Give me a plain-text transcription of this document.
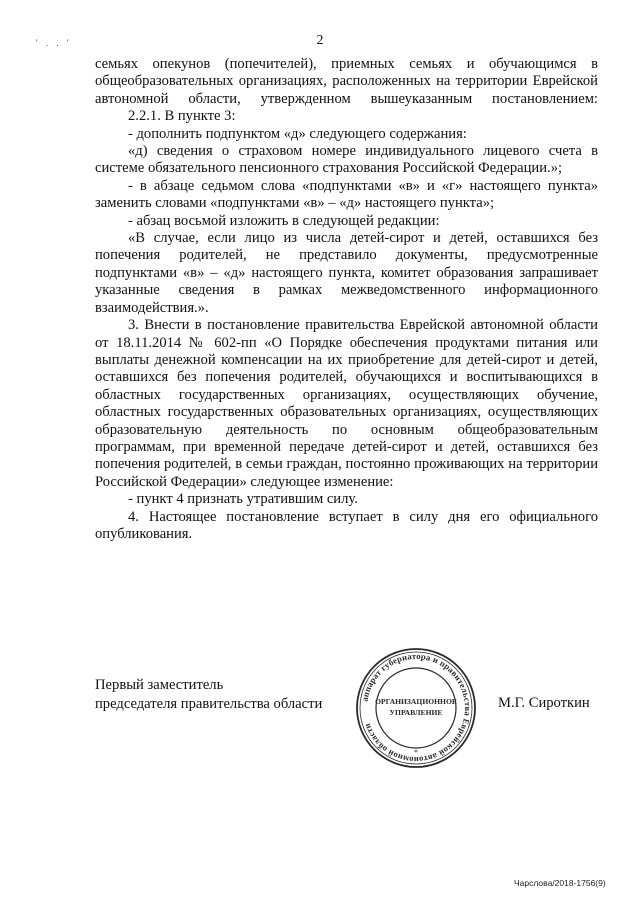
2
' . . '

семьях опекунов (попечителей), приемных семьях и обучающимся в общеобразовательных организациях, расположенных на территории Еврейской автономной области, утвержденном вышеуказанным постановлением:

2.2.1. В пункте 3:

- дополнить подпунктом «д» следующего содержания:

«д) сведения о страховом номере индивидуального лицевого счета в системе обязательного пенсионного страхования Российской Федерации.»;

- в абзаце седьмом слова «подпунктами «в» и «г» настоящего пункта» заменить словами «подпунктами «в» – «д» настоящего пункта»;

- абзац восьмой изложить в следующей редакции:

«В случае, если лицо из числа детей-сирот и детей, оставшихся без попечения родителей, не представило документы, предусмотренные подпунктами «в» – «д» настоящего пункта, комитет образования запрашивает указанные сведения в рамках межведомственного информационного взаимодействия.».

3. Внести в постановление правительства Еврейской автономной области от 18.11.2014 № 602-пп «О Порядке обеспечения продуктами питания или выплаты денежной компенсации на их приобретение для детей-сирот и детей, оставшихся без попечения родителей, обучающихся и воспитывающихся в областных государственных организациях, осуществляющих обучение, областных государственных образовательных организациях, осуществляющих образовательную деятельность по основным общеобразовательным программам, при временной передаче детей-сирот и детей, оставшихся без попечения родителей, в семьи граждан, постоянно проживающих на территории Российской Федерации» следующее изменение:

- пункт 4 признать утратившим силу.

4. Настоящее постановление вступает в силу дня его официального опубликования.

Первый заместитель
председателя правительства области	аппарат губернатора и правительства Еврейской автономной области
ОРГАНИЗАЦИОННОЕ
УПРАВЛЕНИЕ
*
М.Г. Сироткин
Чарслова/2018-1756(9)
